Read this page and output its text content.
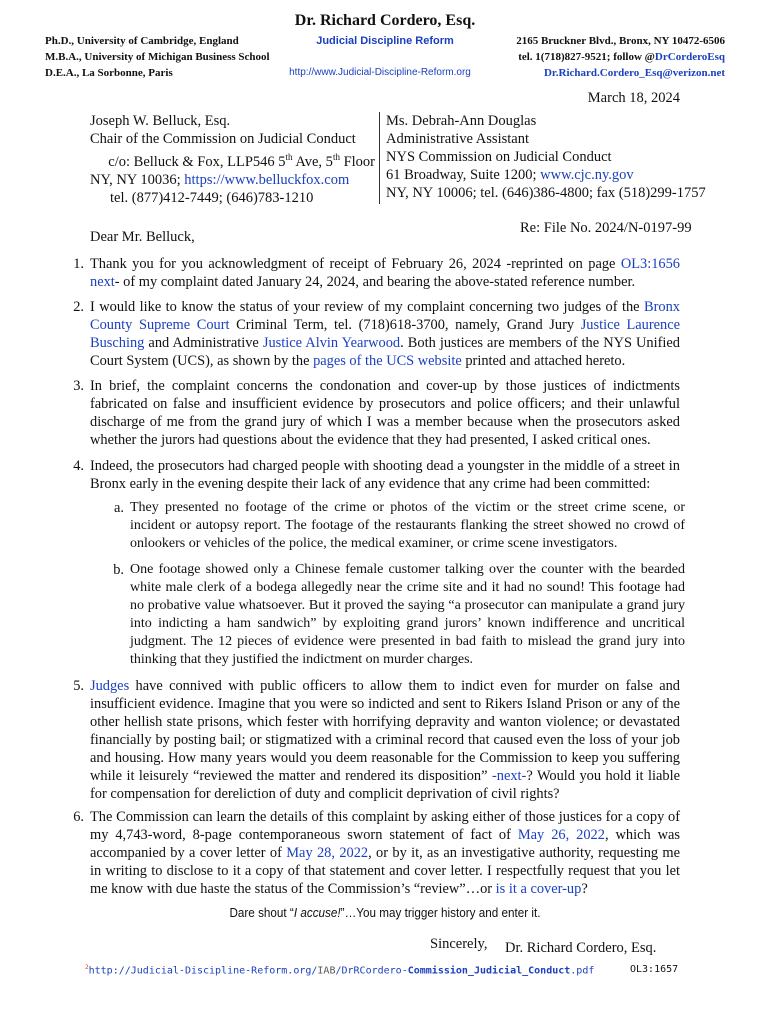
Dr. Richard Cordero, Esq.
Ph.D., University of Cambridge, England
M.B.A., University of Michigan Business School
D.E.A., La Sorbonne, Paris
Judicial Discipline Reform
http://www.Judicial-Discipline-Reform.org
2165 Bruckner Blvd., Bronx, NY 10472-6506
tel. 1(718)827-9521; follow @DrCorderoEsq
Dr.Richard.Cordero_Esq@verizon.net
March 18, 2024
Joseph W. Belluck, Esq.
Chair of the Commission on Judicial Conduct
c/o: Belluck & Fox, LLP546 5th Ave, 5th Floor
NY, NY 10036; https://www.belluckfox.com
tel. (877)412-7449; (646)783-1210
Ms. Debrah-Ann Douglas
Administrative Assistant
NYS Commission on Judicial Conduct
61 Broadway, Suite 1200; www.cjc.ny.gov
NY, NY 10006; tel. (646)386-4800; fax (518)299-1757
Re: File No. 2024/N-0197-99
Dear Mr. Belluck,
1. Thank you for you acknowledgment of receipt of February 26, 2024 -reprinted on page OL3:1656 next- of my complaint dated January 24, 2024, and bearing the above-stated reference number.
2. I would like to know the status of your review of my complaint concerning two judges of the Bronx County Supreme Court Criminal Term, tel. (718)618-3700, namely, Grand Jury Justice Laurence Busching and Administrative Justice Alvin Yearwood. Both justices are members of the NYS Unified Court System (UCS), as shown by the pages of the UCS website printed and attached hereto.
3. In brief, the complaint concerns the condonation and cover-up by those justices of indictments fabricated on false and insufficient evidence by prosecutors and police officers; and their unlawful discharge of me from the grand jury of which I was a member because when the prosecutors asked whether the jurors had questions about the evidence that they had presented, I asked critical ones.
4. Indeed, the prosecutors had charged people with shooting dead a youngster in the middle of a street in Bronx early in the evening despite their lack of any evidence that any crime had been committed:
a. They presented no footage of the crime or photos of the victim or the street crime scene, or incident or autopsy report. The footage of the restaurants flanking the street showed no crowd of onlookers or vehicles of the police, the medical examiner, or crime scene investigators.
b. One footage showed only a Chinese female customer talking over the counter with the bearded white male clerk of a bodega allegedly near the crime site and it had no sound! This footage had no probative value whatsoever. But it proved the saying “a prosecutor can manipulate a grand jury into indicting a ham sandwich” by exploiting grand jurors’ known indifference and uncritical judgment. The 12 pieces of evidence were presented in bad faith to mislead the grand jury into thinking that they justified the indictment on murder charges.
5. Judges have connived with public officers to allow them to indict even for murder on false and insufficient evidence. Imagine that you were so indicted and sent to Rikers Island Prison or any of the other hellish state prisons, which fester with horrifying depravity and wanton violence; or devastated financially by posting bail; or stigmatized with a criminal record that caused even the loss of your job and housing. How many years would you deem reasonable for the Commission to keep you suffering while it leisurely “reviewed the matter and rendered its disposition” -next-? Would you hold it liable for compensation for dereliction of duty and complicit deprivation of civil rights?
6. The Commission can learn the details of this complaint by asking either of those justices for a copy of my 4,743-word, 8-page contemporaneous sworn statement of fact of May 26, 2022, which was accompanied by a cover letter of May 28, 2022, or by it, as an investigative authority, requesting me in writing to disclose to it a copy of that statement and cover letter. I respectfully request that you let me know with due haste the status of the Commission’s “review”…or is it a cover-up?
Dare shout “I accuse!”…You may trigger history and enter it.
Sincerely, Dr. Richard Cordero, Esq.
$^2$http://Judicial-Discipline-Reform.org/IAB/DrRCordero-Commission_Judicial_Conduct.pdf	OL3:1657
